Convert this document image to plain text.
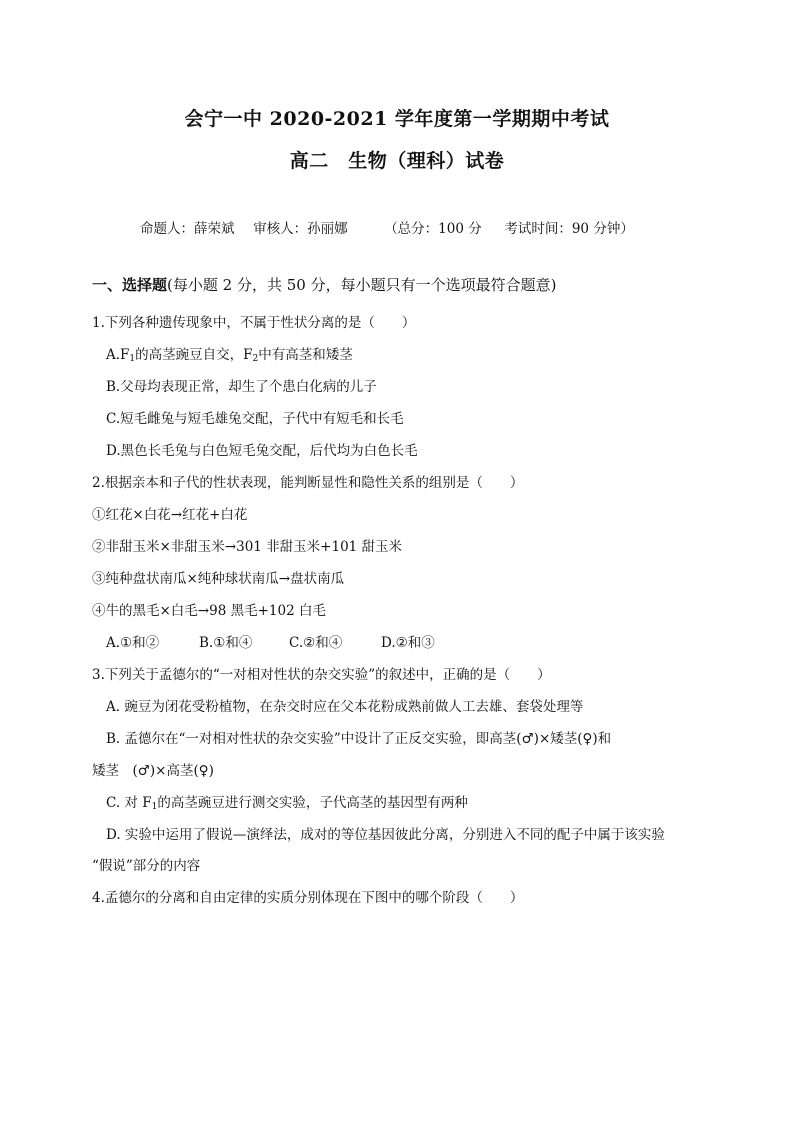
会宁一中 2020-2021 学年度第一学期期中考试
高二　生物（理科）试卷
命题人：薛荣斌 审核人：孙丽娜	（总分：100 分 考试时间：90 分钟）
一、选择题(每小题 2 分，共 50 分，每小题只有一个选项最符合题意)
1.下列各种遗传现象中，不属于性状分离的是（　　）
$A.F_1$的高茎豌豆自交，$F_2$中有高茎和矮茎
B.父母均表现正常，却生了个患白化病的儿子
C.短毛雌兔与短毛雄兔交配，子代中有短毛和长毛
D.黑色长毛兔与白色短毛兔交配，后代均为白色长毛
2.根据亲本和子代的性状表现，能判断显性和隐性关系的组别是（　　）
①红花×白花→红花+白花
②非甜玉米×非甜玉米→301 非甜玉米+101 甜玉米
③纯种盘状南瓜×纯种球状南瓜→盘状南瓜
④牛的黑毛×白毛→98 黑毛+102 白毛
A.①和②	B.①和④	C.②和④	D.②和③
3.下列关于孟德尔的“一对相对性状的杂交实验”的叙述中，正确的是（　　）
A. 豌豆为闭花受粉植物，在杂交时应在父本花粉成熟前做人工去雄、套袋处理等
B. 孟德尔在“一对相对性状的杂交实验”中设计了正反交实验，即高茎(♂)×矮茎(♀)和
矮茎　(♂)×高茎(♀)
C. 对 $F_1$的高茎豌豆进行测交实验，子代高茎的基因型有两种
D. 实验中运用了假说—演绎法，成对的等位基因彼此分离，分别进入不同的配子中属于该实验
“假说”部分的内容
4.孟德尔的分离和自由定律的实质分别体现在下图中的哪个阶段（　　）
